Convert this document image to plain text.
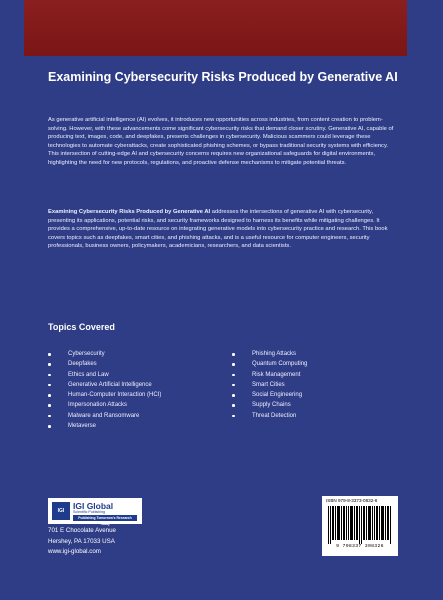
Examining Cybersecurity Risks Produced by Generative AI

As generative artificial intelligence (AI) evolves, it introduces new opportunities across industries, from content creation to problem-solving. However, with these advancements come significant cybersecurity risks that demand closer scrutiny. Generative AI, capable of producing text, images, code, and deepfakes, presents challenges in cybersecurity. Malicious scammers could leverage these technologies to automate cyberattacks, create sophisticated phishing schemes, or bypass traditional security systems with efficiency. This intersection of cutting-edge AI and cybersecurity concerns requires new organizational safeguards for digital environments, highlighting the need for new protocols, regulations, and proactive defense mechanisms to mitigate potential threats.

Examining Cybersecurity Risks Produced by Generative AI addresses the intersections of generative AI with cybersecurity, presenting its applications, potential risks, and security frameworks designed to harness its benefits while mitigating challenges. It provides a comprehensive, up-to-date resource on integrating generative models into cybersecurity practice and research. This book covers topics such as deepfakes, smart cities, and phishing attacks, and is a useful resource for computer engineers, security professionals, business owners, policymakers, academicians, researchers, and data scientists.

Topics Covered
Cybersecurity
Deepfakes
Ethics and Law
Generative Artificial Intelligence
Human-Computer Interaction (HCI)
Impersonation Attacks
Malware and Ransomware
Metaverse
Phishing Attacks
Quantum Computing
Risk Management
Smart Cities
Social Engineering
Supply Chains
Threat Detection
IGI	IGI Global
Scientific Publishing
Publishing Tomorrow's Research Today
701 E Chocolate Avenue
Hershey, PA 17033 USA
www.igi-global.com
ISBN 979-8-3373-0832-6
9 798337 308326
